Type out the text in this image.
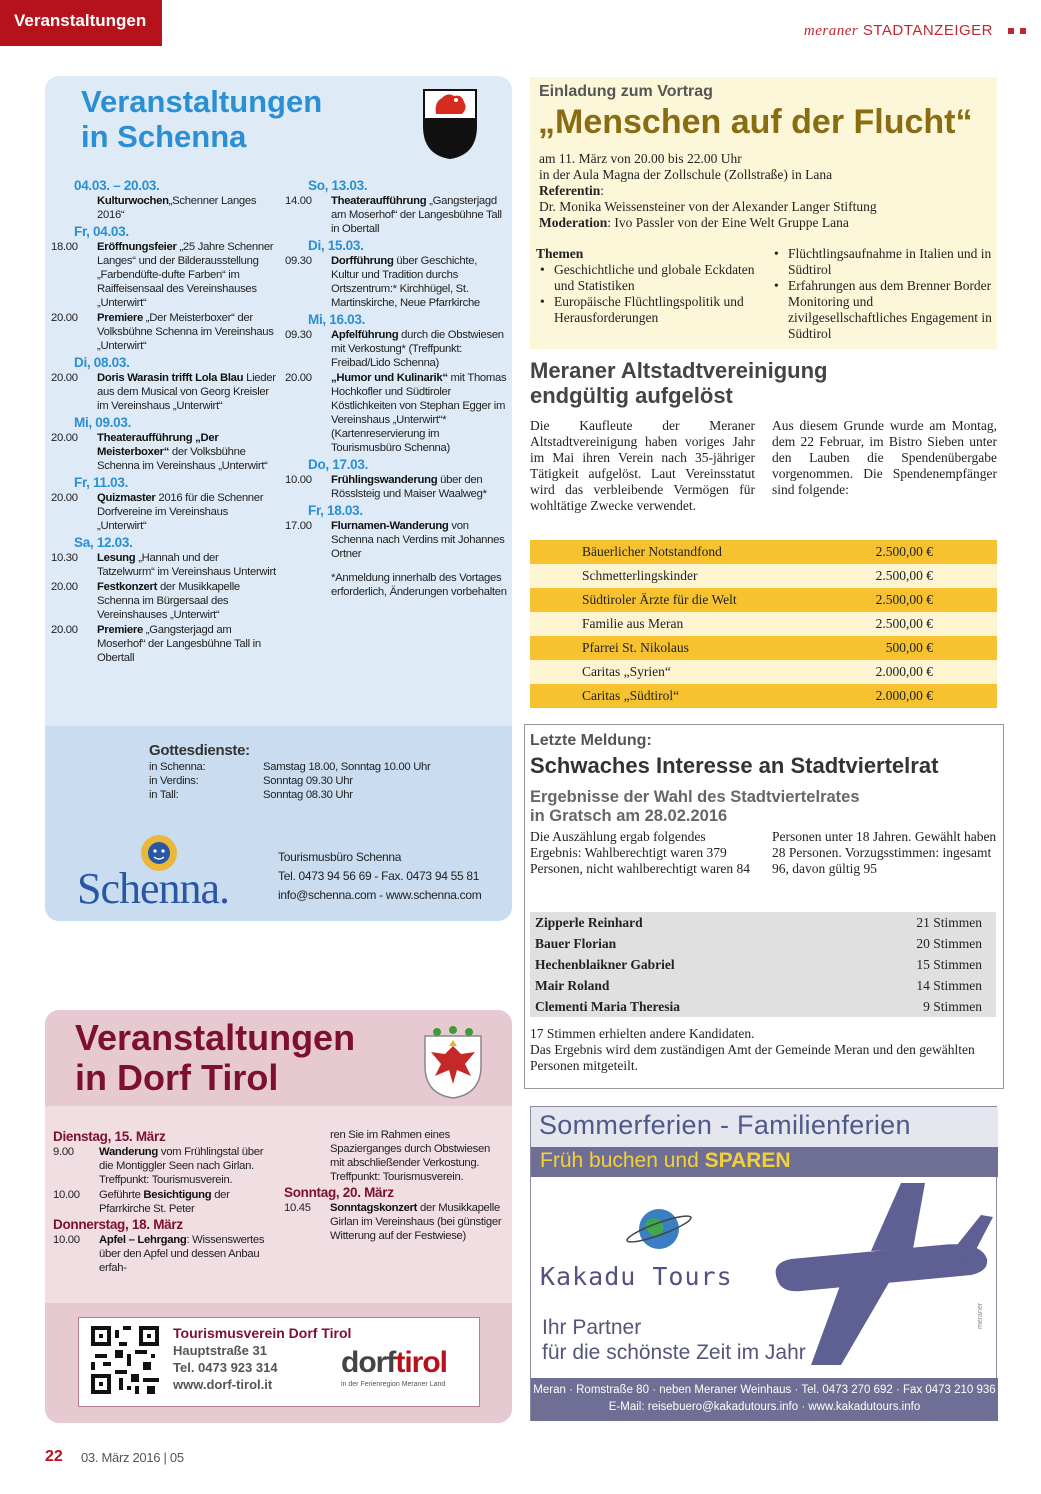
Veranstaltungen
meraner STADTANZEIGER
Veranstaltungen
in Schenna
04.03. – 20.03.
Kulturwochen„Schenner Langes 2016“
Fr, 04.03.
18.00	Eröffnungsfeier „25 Jahre Schenner Langes“ und der Bilderausstellung „Farbendüfte-dufte Farben“ im Raiffeisensaal des Vereinshauses „Unterwirt“
20.00	Premiere „Der Meisterboxer“ der Volksbühne Schenna im Vereinshaus „Unterwirt“
Di, 08.03.
20.00	Doris Warasin trifft Lola Blau Lieder aus dem Musical von Georg Kreisler im Vereinshaus „Unterwirt“
Mi, 09.03.
20.00	Theateraufführung „Der Meisterboxer“ der Volksbühne Schenna im Vereinshaus „Unterwirt“
Fr, 11.03.
20.00	Quizmaster 2016 für die Schenner Dorfvereine im Vereinshaus „Unterwirt“
Sa, 12.03.
10.30	Lesung „Hannah und der Tatzelwurm“ im Vereinshaus Unterwirt
20.00	Festkonzert der Musikkapelle Schenna im Bürgersaal des Vereinshauses „Unterwirt“
20.00	Premiere „Gangsterjagd am Moserhof“ der Langesbühne Tall in Obertall
So, 13.03.
14.00	Theateraufführung „Gangsterjagd am Moserhof“ der Langesbühne Tall in Obertall
Di, 15.03.
09.30	Dorfführung über Geschichte, Kultur und Tradition durchs Ortszentrum:* Kirchhügel, St. Martinskirche, Neue Pfarrkirche
Mi, 16.03.
09.30	Apfelführung durch die Obstwiesen mit Verkostung* (Treffpunkt: Freibad/Lido Schenna)
20.00	„Humor und Kulinarik“ mit Thomas Hochkofler und Südtiroler Köstlichkeiten von Stephan Egger im Vereinshaus „Unterwirt“* (Kartenreservierung im Tourismusbüro Schenna)
Do, 17.03.
10.00	Frühlingswanderung über den Rösslsteig und Maiser Waalweg*
Fr, 18.03.
17.00	Flurnamen-Wanderung von Schenna nach Verdins mit Johannes Ortner
*Anmeldung innerhalb des Vortages erforderlich, Änderungen vorbehalten
Gottesdienste:
in Schenna:	Samstag 18.00, Sonntag 10.00 Uhr
in Verdins:	Sonntag 09.30 Uhr
in Tall:	Sonntag 08.30 Uhr
Schenna.
Tourismusbüro Schenna
Tel. 0473 94 56 69 - Fax. 0473 94 55 81
info@schenna.com - www.schenna.com
Veranstaltungen
in Dorf Tirol
Dienstag, 15. März
9.00	Wanderung vom Frühlingstal über die Montiggler Seen nach Girlan. Treffpunkt: Tourismusverein.
10.00	Geführte Besichtigung der Pfarrkirche St. Peter
Donnerstag, 18. März
10.00	Apfel – Lehrgang: Wissenswertes über den Apfel und dessen Anbau erfah-
ren Sie im Rahmen eines Spazierganges durch Obstwiesen mit abschließender Verkostung. Treffpunkt: Tourismusverein.
Sonntag, 20. März
10.45	Sonntagskonzert der Musikkapelle Girlan im Vereinshaus (bei günstiger Witterung auf der Festwiese)
Tourismusverein Dorf Tirol
Hauptstraße 31
Tel. 0473 923 314
www.dorf-tirol.it
dorftirol
in der Ferienregion Meraner Land
Einladung zum Vortrag
„Menschen auf der Flucht“
am 11. März von 20.00 bis 22.00 Uhr
in der Aula Magna der Zollschule (Zollstraße) in Lana
Referentin:
Dr. Monika Weissensteiner von der Alexander Langer Stiftung
Moderation: Ivo Passler von der Eine Welt Gruppe Lana
Themen
• Geschichtliche und globale Eckdaten und Statistiken
• Europäische Flüchtlingspolitik und Herausforderungen
• Flüchtlingsaufnahme in Italien und in Südtirol
• Erfahrungen aus dem Brenner Border Monitoring und zivilgesellschaftliches Engagement in Südtirol
Meraner Altstadtvereinigung
endgültig aufgelöst
Die Kaufleute der Meraner Altstadtvereinigung haben voriges Jahr im Mai ihren Verein nach 35-jähriger Tätigkeit aufgelöst. Laut Vereinsstatut wird das verbleibende Vermögen für wohltätige Zwecke verwendet.
Aus diesem Grunde wurde am Montag, dem 22 Februar, im Bistro Sieben unter den Lauben die Spendenübergabe vorgenommen. Die Spendenempfänger sind folgende:
Bäuerlicher Notstandfond	2.500,00 €
Schmetterlingskinder	2.500,00 €
Südtiroler Ärzte für die Welt	2.500,00 €
Familie aus Meran	2.500,00 €
Pfarrei St. Nikolaus	500,00 €
Caritas „Syrien“	2.000,00 €
Caritas „Südtirol“	2.000,00 €
Letzte Meldung:
Schwaches Interesse an Stadtviertelrat
Ergebnisse der Wahl des Stadtviertelrates
in Gratsch am 28.02.2016
Die Auszählung ergab folgendes Ergebnis: Wahlberechtigt waren 379 Personen, nicht wahlberechtigt waren 84
Personen unter 18 Jahren. Gewählt haben 28 Personen. Vorzugsstimmen: ingesamt 96, davon gültig 95
Zipperle Reinhard	21 Stimmen
Bauer Florian	20 Stimmen
Hechenblaikner Gabriel	15 Stimmen
Mair Roland	14 Stimmen
Clementi Maria Theresia	9 Stimmen
17 Stimmen erhielten andere Kandidaten.
Das Ergebnis wird dem zuständigen Amt der Gemeinde Meran und den gewählten Personen mitgeteilt.
Sommerferien - Familienferien
Früh buchen und SPAREN
Kakadu Tours
Ihr Partner
für die schönste Zeit im Jahr
meraner
Meran · Romstraße 80 · neben Meraner Weinhaus · Tel. 0473 270 692 · Fax 0473 210 936
E-Mail: reisebuero@kakadutours.info · www.kakadutours.info
22 03. März 2016 | 05
